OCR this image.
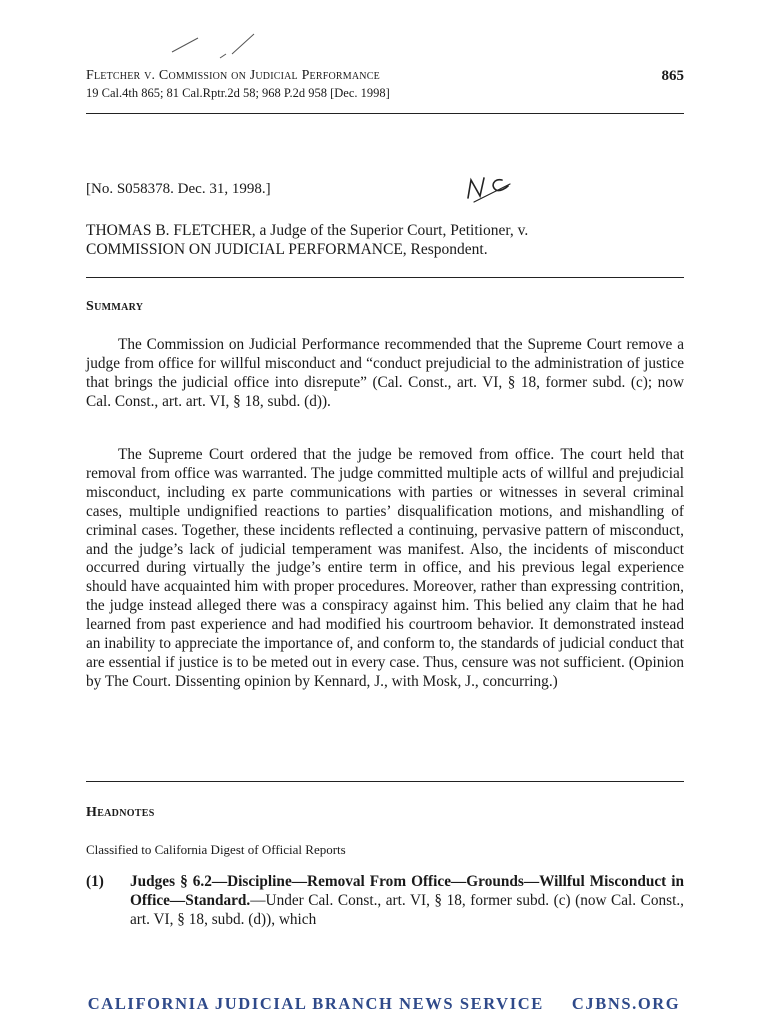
Fletcher v. Commission on Judicial Performance	865
19 Cal.4th 865; 81 Cal.Rptr.2d 58; 968 P.2d 958 [Dec. 1998]
[No. S058378. Dec. 31, 1998.]
THOMAS B. FLETCHER, a Judge of the Superior Court, Petitioner, v.
COMMISSION ON JUDICIAL PERFORMANCE, Respondent.
Summary
The Commission on Judicial Performance recommended that the Supreme Court remove a judge from office for willful misconduct and “conduct prejudicial to the administration of justice that brings the judicial office into disrepute” (Cal. Const., art. VI, § 18, former subd. (c); now Cal. Const., art. art. VI, § 18, subd. (d)).
The Supreme Court ordered that the judge be removed from office. The court held that removal from office was warranted. The judge committed multiple acts of willful and prejudicial misconduct, including ex parte communications with parties or witnesses in several criminal cases, multiple undignified reactions to parties’ disqualification motions, and mishandling of criminal cases. Together, these incidents reflected a continuing, pervasive pattern of misconduct, and the judge’s lack of judicial temperament was manifest. Also, the incidents of misconduct occurred during virtually the judge’s entire term in office, and his previous legal experience should have acquainted him with proper procedures. Moreover, rather than expressing contrition, the judge instead alleged there was a conspiracy against him. This belied any claim that he had learned from past experience and had modified his courtroom behavior. It demonstrated instead an inability to appreciate the importance of, and conform to, the standards of judicial conduct that are essential if justice is to be meted out in every case. Thus, censure was not sufficient. (Opinion by The Court. Dissenting opinion by Kennard, J., with Mosk, J., concurring.)
Headnotes
Classified to California Digest of Official Reports
(1) Judges § 6.2—Discipline—Removal From Office—Grounds—Willful Misconduct in Office—Standard.—Under Cal. Const., art. VI, § 18, former subd. (c) (now Cal. Const., art. VI, § 18, subd. (d)), which
CALIFORNIA JUDICIAL BRANCH NEWS SERVICE CJBNS.ORG
